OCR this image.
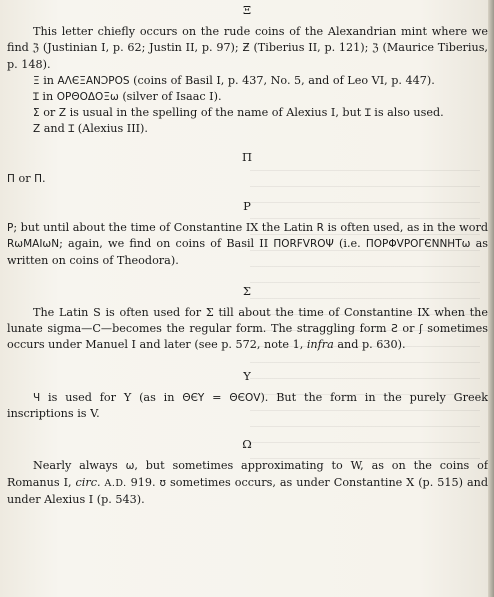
Ξ

This letter chiefly occurs on the rude coins of the Alexandrian mint where we find ℨ (Justinian I, p. 62; Justin II, p. 97); Ƶ (Tiberius II, p. 121); ℨ (Maurice Tiberius, p. 148).

Ξ in ΑΛЄΞΑΝƆΡΟS (coins of Basil I, p. 437, No. 5, and of Leo VI, p. 447).

Ɪ in ΟΡΘΟΔΟΞω (silver of Isaac I).

Σ or Ζ is usual in the spelling of the name of Alexius I, but Ɪ is also used.

Ζ and Ɪ (Alexius III).

Π

Π or Π.

Ρ

Ρ; but until about the time of Constantine IX the Latin R is often used, as in the word RωΜΑΙωΝ; again, we find on coins of Basil II ΠΟRFVRΟΨ (i.e. ΠΟΡΦVΡΟΓЄΝΝΗΤω as written on coins of Theodora).

Σ

The Latin S is often used for Σ till about the time of Constantine IX when the lunate sigma—C—becomes the regular form. The straggling form Ƨ or ʃ sometimes occurs under Manuel I and later (see p. 572, note 1, infra and p. 630).

Υ

Ч is used for Υ (as in ΘЄΥ = ΘЄΟV). But the form in the purely Greek inscriptions is V.

Ω

Nearly always ω, but sometimes approximating to W, as on the coins of Romanus I, circ. A.D. 919. ʊ sometimes occurs, as under Constantine X (p. 515) and under Alexius I (p. 543).
